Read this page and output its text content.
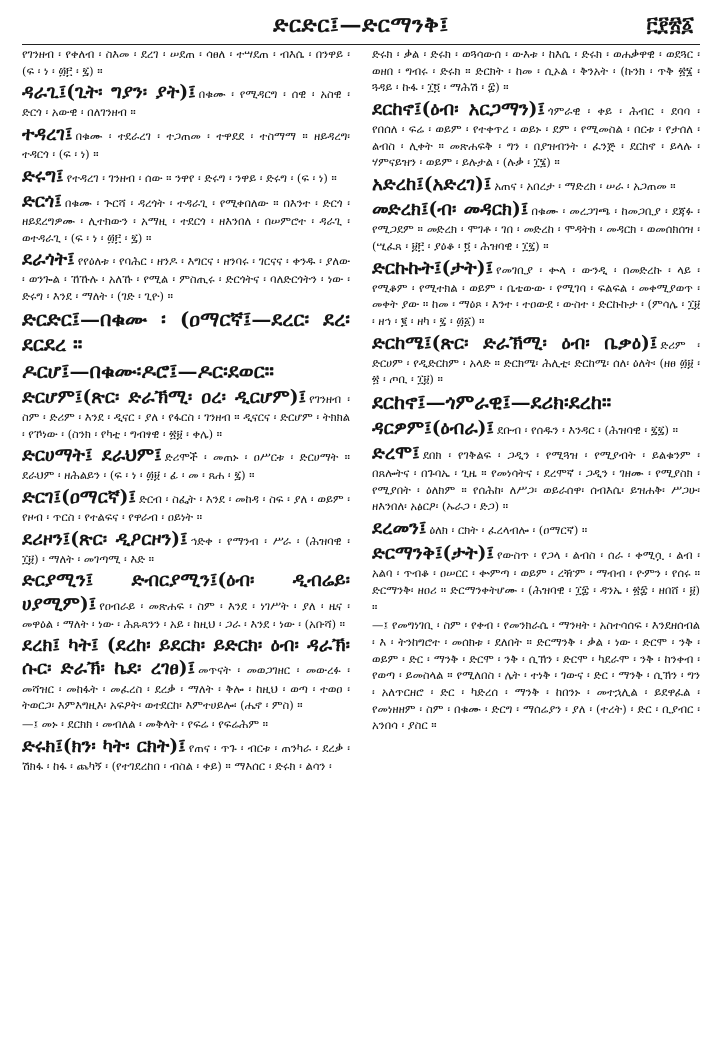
ድርድር፤—ድርማንቅ፤	፫፻፳፩

የገንዘብ ፡ የቀለብ ፡ ስእመ ፡ ደረገ ፡ ሠደጠ ፡ ሳፀለ ፡ ተሣደጠ ፡ ብእሴ ፡ በንዋይ ፡ (ፍ ፡ ነ ፡ ፴፫ ፡ ፯) ።

ዳራጊ፤(ጊት፡ ግያን፡ ያት)፤ በቁሙ ፡ የሚዳርግ ፡ ሰዊ ፡ አስዊ ፡ ድርጎ ፡ አውዊ ፡ በለገንዘብ ።

ተዳረገ፤ በቁሙ ፡ ተደራረገ ፡ ተጋጠመ ፡ ተዋደደ ፡ ተስማማ ። ዘይዳረግ፡ ተዳርጎ ፡ (ፍ ፡ ነ) ።

ድሩግ፤ የተዳረገ ፡ ገንዘብ ፡ ሰው ። ንዋየ ፡ ድሩግ ፡ ንዋይ ፡ ድሩግ ፡ (ፍ ፡ ነ) ።

ድርጎ፤ በቁሙ ፡ ጕርሻ ፡ ዳረጎት ፡ ተዳራጊ ፡ የሚቀበለው ። በእንተ ፡ ድርጎ ፡ ዘይደረግዎሙ ፡ ሊተክውን ፡ አማዚ ፡ ተደርጎ ፡ ዘእንበለ ፡ በሠምሮተ ፡ ዳራጊ ፡ ወተዳራጊ ፡ (ፍ ፡ ነ ፡ ፴፫ ፡ ፯) ።

ደራጎት፤ የየዕለቱ ፡ የባሕር ፡ ዘንዶ ፡ እግርና ፡ ዘንባሩ ፡ ገርናና ፡ ቀንዱ ፡ ያለው ፡ ወንጐል ፡ ኸኹሉ ፡ አለኹ ፡ የሚል ፡ ምስጢሩ ፡ ድርጎትና ፡ ባለድርጎትን ፡ ነው ፡ ድሩግ ፡ እንደ ፡ ማለት ፡ (ገድ ፡ ጊዮ) ።

ድርድር፤—በቁሙ ፡ (ዐማርኛ፤—ደረር፡ ደረ፡ ደርደረ ።

ዶርሆ፤—በቁሙ፡ዶሮ፤—ዶር፡ደወር።

ድርሆም፤(ጽር፡ ድራኽሚ፡ ዐረ፡ ዲርሆም)፤ የገንዘብ ፡ ስም ፡ ድሪም ፡ እንደ ፡ ዲናር ፡ ያለ ፡ የፋርስ ፡ ገንዘብ ። ዲናርና ፡ ድርሆም ፡ ትክክል ፡ የኾነው ፡ (ስንክ ፡ የካቲ ፡ ግብፃዊ ፡ ፳፱ ፡ ቀሌ) ።

ድርሀማት፤ ደራህም፤ ድሪሞች ፡ መጠኑ ፡ ዐሥርቱ ፡ ድርሀማት ። ደራህም ፡ ዘሕልይን ፡ (ፍ ፡ ነ ፡ ፴፱ ፡ ፊ ፡ መ ፡ ጸሐ ፡ ፯) ።

ድርገ፤(ዐማርኛ)፤ ድርብ ፡ ስፌት ፡ እንደ ፡ መከዳ ፡ ስፍ ፡ ያለ ፡ ወይም ፡ የዞብ ፡ ጥርስ ፡ የተልፍና ፡ የዋራብ ፡ ዐይነት ።

ደሪዞን፤(ጽር፡ ዲዖርዞን)፤ ኅድቀ ፡ የማንብ ፡ ሥራ ፡ (ሕዝባዊ ፡ ፲፱) ፡ ማለት ፡ መገጣሚ ፡ እድ ።

ድርያሚን፤ ድብርያሚን፤(ዕብ፡ ዲብሬይ፡ ሀያሚም)፤ የዐብራይ ፡ መጽሐፍ ፡ ስም ፡ እንደ ፡ ነገሥት ፡ ያለ ፡ ዜና ፡ መዋዕል ፡ ማለት ፡ ነው ፡ ሕጹጻንን ፡ አይ ፡ ከዚህ ፡ ጋራ ፡ እንደ ፡ ነው ፡ (አቡሻ) ።

ደረክ፤ ካት፤ (ደረከ፡ ይደርክ፡ ይድርክ፡ ዕብ፡ ዳራኽ፡ ሱር፡ ድራኽ፡ ኬደ፡ ረገፀ)፤ መጥናት ፡ መወጋገዘር ፡ መውረፉ ፡ መሻዝር ፡ መከፋት ፡ መፈረስ ፡ ደረቃ ፡ ማለት ፡ ቅሎ ፡ ከዚህ ፡ ወጣ ፡ ተወዐ ፡ ትወርጋ፡ እምእግዚእ፡ አፍዖት፡ ወተደርከ፡ እምተሀይሎ፡ (ሔኖ ፡ ምስ) ።

—፤ መኑ ፡ ደርክክ ፡ መብለል ፡ መቅላት ፡ የፍሬ ፡ የፍሬሕም ።

ድሩክ፤(ክን፡ ካት፡ ርክት)፤ የጠና ፡ ጥጉ ፡ ብርቱ ፡ ጠንካራ ፡ ደረቃ ፡ ሽክፋ ፡ ከፋ ፡ ጨካኝ ፡ (የተገደረከበ ፡ ብስል ፡ ቀይ) ። ማእሰር ፡ ድሩክ ፡ ልሳን ፡

ድሩክ ፡ ቃል ፡ ድሩክ ፡ ወጓሳውሰ ፡ ውእቱ ፡ ከእሴ ፡ ድሩክ ፡ ወሐቃዋዊ ፡ ወደጓር ፡ ወዘበ ፡ ግብሩ ፡ ድሩክ ። ድርክት ፡ ከመ ፡ ሲኦል ፡ ቅንአት ፡ (ኩንክ ፡ ጥቅ ፳፮ ፡ ጓዳይ ፡ ኩፋ ፡ ፲፬ ፡ ማሕሽ ፡ ፰) ።

ደርከኖ፤(ዕብ፡ አርጋማን)፤ ጎምራዊ ፡ ቀይ ፡ ሕብር ፡ ደባባ ፡ የበሰለ ፡ ፍሬ ፡ ወይም ፡ የተቀጥረ ፡ ወይኑ ፡ ደም ፡ የሚመስል ፡ በርቱ ፡ የታሰለ ፡ ልብስ ፡ ሊቀት ። መጽሐፍቅ ፡ ግን ፡ በያዝብንት ፡ ፈንጅ ፡ ደርከኖ ፡ ይላሉ ፡ ሃምናይዝን ፡ ወይም ፡ ይሉታል ፡ (ሉቃ ፡ ፲፮) ።

አድረከ፤(አድረገ)፤ አጠና ፡ አበረታ ፡ ማድረክ ፡ ሠራ ፡ አጋጠመ ።

መድረክ፤(ብ፡ መዳርክ)፤ በቁሙ ፡ መረጋገጫ ፡ ከመጋቢያ ፡ ደጃፉ ፡ የሚጋደም ። መድረክ ፡ ሞገቶ ፡ ገበ ፡ መድረከ ፡ ሞዳትክ ፡ መዳርክ ፡ ወመሰክሰዝ ፡ (ሢፈጸ ፡ ፱፫ ፡ ያዕቆ ፡ ፬ ፡ ሕዝባዊ ፡ ፲፯) ።

ድርኩኩት፤(ታት)፤ የመገቢያ ፡ ቍላ ፡ ውንዲ ፡ በመድረኩ ፡ ላይ ፡ የሚቆም ፡ የሚተክል ፡ ወይም ፡ ቤቴውው ፡ የሚገባ ፡ ፍልፍል ፡ መቀሚያወጥ ፡ መቀት ያው ። ከመ ፡ ማዕጾ ፡ እንተ ፡ ተዐውደ ፡ ውስተ ፡ ድርኩኩታ ፡ (ምሳሌ ፡ ፲፱ ፡ ዘኅ ፡ ፪ ፡ ዘካ ፡ ፯ ፡ ፴፩) ።

ድርከሜ፤(ጽር፡ ድራኽሚ፡ ዕብ፡ ቤቃዕ)፤ ድሪም ፡ ድርሀም ፡ የዲድርከም ፡ አላድ ። ድርክሜ፡ ሕሊቲ፡ ድርከሜ፡ ሰለ፡ ዕለት፡ (ዘፀ ፴፱ ፡ ፳ ፡ ጦቢ ፡ ፲፱) ።

ደርከኖ፤—ጎምራዊ፤—ደሪክ፡ደረከ።

ዳርዎም፤(ዕብራ)፤ ደቡብ ፡ የሰዱን ፡ እንዳር ፡ (ሕዝባዊ ፡ ፯፯) ።

ድረሞ፤ ደበክ ፡ የገቅልፍ ፡ ጋዲን ፡ የሚጓዝ ፡ የሚያብት ፡ ይልቁንም ፡ በጸሎትና ፡ በጉባኤ ፡ ጊዜ ። የመነሳትና ፡ ደረሞኛ ፡ ጋዲን ፡ ገዘሙ ፡ የሚያስክ ፡ የሚያበት ፡ ዕለክም ። የሰሕከ፡ ለሥጋ፡ ወይራሰዋ፡ ሰብእሴ፡ ይዝሐቅ፡ ሥጋሁ፡ ዘእንበለ፡ አፅርዖ፡ (ኡራጋ ፡ ድጋ) ።

ደረመን፤ ዕለክ ፡ ርክት ፡ ፈረላብሎ ፡ (ዐማርኛ) ።

ድርማንቅ፤(ታት)፤ የውስጥ ፡ የጋላ ፡ ልብስ ፡ ሰራ ፡ ቀሚሷ ፡ ልብ ፡ አልባ ፡ ጥብቆ ፡ ዐሠርር ፡ ቍምጣ ፡ ወይም ፡ ረዥም ፡ ማብብ ፡ ዮምን ፡ የሰሩ ። ድርማንቅ፡ ዘዐሪ ። ድርማንቀትሆሙ ፡ (ሕዝባዊ ፡ ፲፰ ፡ ዳንኤ ፡ ፳፰ ፡ ዘበሸ ፡ ፱) ።

—፤ የመግነገቢ ፡ ስም ፡ የቀብ ፡ የመንክራሴ ፡ ማንዛት ፡ አስተሳሰፍ ፡ እንደዘሰብል ፡ እ ፡ ትንከግሮተ ፡ መሰክቱ ፡ ደለበት ። ድርማንቅ ፡ ቃል ፡ ነው ፡ ድርሞ ፡ ንቅ ፡ ወይም ፡ ድር ፡ ማንቅ ፡ ድርሞ ፡ ንቅ ፡ ሲኽን ፡ ድርሞ ፡ ካደራሞ ፡ ንቅ ፡ ከንቀብ ፡ የወጣ ፡ ይመስላል ። የሚለበስ ፡ ሌት ፡ ተነቅ ፡ ገውና ፡ ድር ፡ ማንቅ ፡ ሲኽን ፡ ግን ፡ አለጥርዘሮ ፡ ድር ፡ ካድረሰ ፡ ማንቅ ፡ ከበንኑ ፡ መተኋሊል ፡ ይደዋፈል ፡ የመነዘዘም ፡ ስም ፡ በቁሙ ፡ ድርግ ፡ ማሰሬያን ፡ ያለ ፡ (ተረት) ፡ ድር ፡ ቢያብር ፡ አንበሳ ፡ ያስር ።
